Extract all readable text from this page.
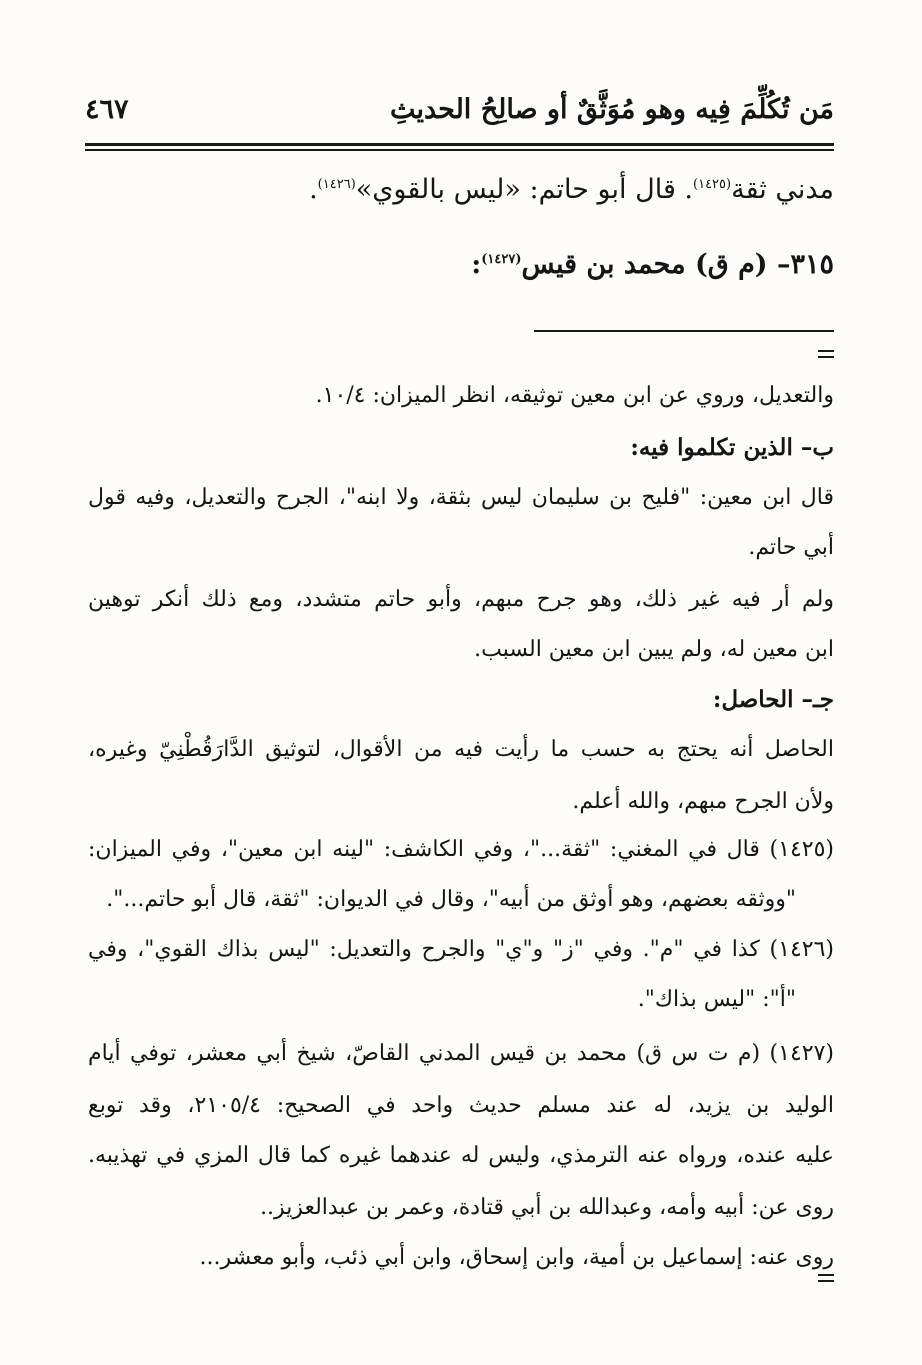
مَن تُكُلِّمَ فِيه وهو مُوَثَّقٌ أو صالِحُ الحديثِ
٤٦٧
مدني ثقة$^{(١٤٢٥)}$. قال أبو حاتم: «ليس بالقوي»$^{(١٤٢٦)}$.
٣١٥– (م ق) محمد بن قيس$^{(١٤٢٧)}$:
والتعديل، وروي عن ابن معين توثيقه، انظر الميزان: ١٠/٤.
ب– الذين تكلموا فيه:
قال ابن معين: "فليح بن سليمان ليس بثقة، ولا ابنه"، الجرح والتعديل، وفيه قول
أبي حاتم.
ولم أر فيه غير ذلك، وهو جرح مبهم، وأبو حاتم متشدد، ومع ذلك أنكر توهين
ابن معين له، ولم يبين ابن معين السبب.
جـ– الحاصل:
الحاصل أنه يحتج به حسب ما رأيت فيه من الأقوال، لتوثيق الدَّارَقُطْنِيّ وغيره،
ولأن الجرح مبهم، والله أعلم.
(١٤٢٥) قال في المغني: "ثقة..."، وفي الكاشف: "لينه ابن معين"، وفي الميزان:
"ووثقه بعضهم، وهو أوثق من أبيه"، وقال في الديوان: "ثقة، قال أبو حاتم...".
(١٤٢٦) كذا في "م". وفي "ز" و"ي" والجرح والتعديل: "ليس بذاك القوي"، وفي
"أ": "ليس بذاك".
(١٤٢٧) (م ت س ق) محمد بن قيس المدني القاصّ، شيخ أبي معشر، توفي أيام
الوليد بن يزيد، له عند مسلم حديث واحد في الصحيح: ٢١٠٥/٤، وقد توبع
عليه عنده، ورواه عنه الترمذي، وليس له عندهما غيره كما قال المزي في تهذيبه.
روى عن: أبيه وأمه، وعبدالله بن أبي قتادة، وعمر بن عبدالعزيز..
روى عنه: إسماعيل بن أمية، وابن إسحاق، وابن أبي ذئب، وأبو معشر...
